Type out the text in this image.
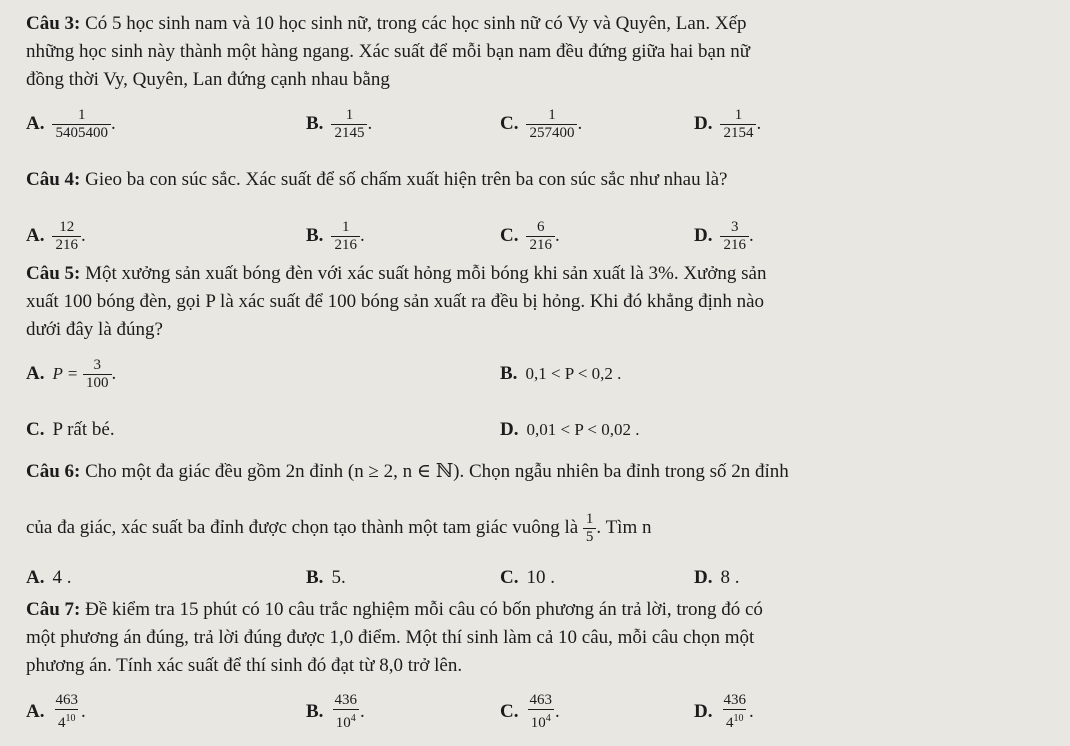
Câu 3: Có 5 học sinh nam và 10 học sinh nữ, trong các học sinh nữ có Vy và Quyên, Lan. Xếp
những học sinh này thành một hàng ngang. Xác suất để mỗi bạn nam đều đứng giữa hai bạn nữ
đồng thời Vy, Quyên, Lan đứng cạnh nhau bằng
A. $\frac{1}{5405400}$ .	B. $\frac{1}{2145}$ .	C. $\frac{1}{257400}$ .	D. $\frac{1}{2154}$ .
Câu 4: Gieo ba con súc sắc. Xác suất để số chấm xuất hiện trên ba con súc sắc như nhau là?
A. $\frac{12}{216}$ .	B. $\frac{1}{216}$ .	C. $\frac{6}{216}$ .	D. $\frac{3}{216}$ .
Câu 5: Một xưởng sản xuất bóng đèn với xác suất hỏng mỗi bóng khi sản xuất là 3%. Xưởng sản
xuất 100 bóng đèn, gọi P là xác suất để 100 bóng sản xuất ra đều bị hỏng. Khi đó khẳng định nào
dưới đây là đúng?
A. P =
$\frac{3}{100}$ .	B. 0,1 < P < 0,2 .
C. P rất bé.	D. 0,01 < P < 0,02 .
Câu 6: Cho một đa giác đều gồm 2n đỉnh (n ≥ 2, n ∈ ℕ). Chọn ngẫu nhiên ba đỉnh trong số 2n đỉnh
của đa giác, xác suất ba đỉnh được chọn tạo thành một tam giác vuông là
$\frac{1}{5}$ . Tìm n
A. 4 .	B. 5.	C. 10 .	D. 8 .
Câu 7: Đề kiểm tra 15 phút có 10 câu trắc nghiệm mỗi câu có bốn phương án trả lời, trong đó có
một phương án đúng, trả lời đúng được 1,0 điểm. Một thí sinh làm cả 10 câu, mỗi câu chọn một
phương án. Tính xác suất để thí sinh đó đạt từ 8,0 trở lên.
A. $\frac{463}{4^{10}}$ .	B. $\frac{436}{10^4}$ .	C. $\frac{463}{10^4}$ .	D. $\frac{436}{4^{10}}$ .
